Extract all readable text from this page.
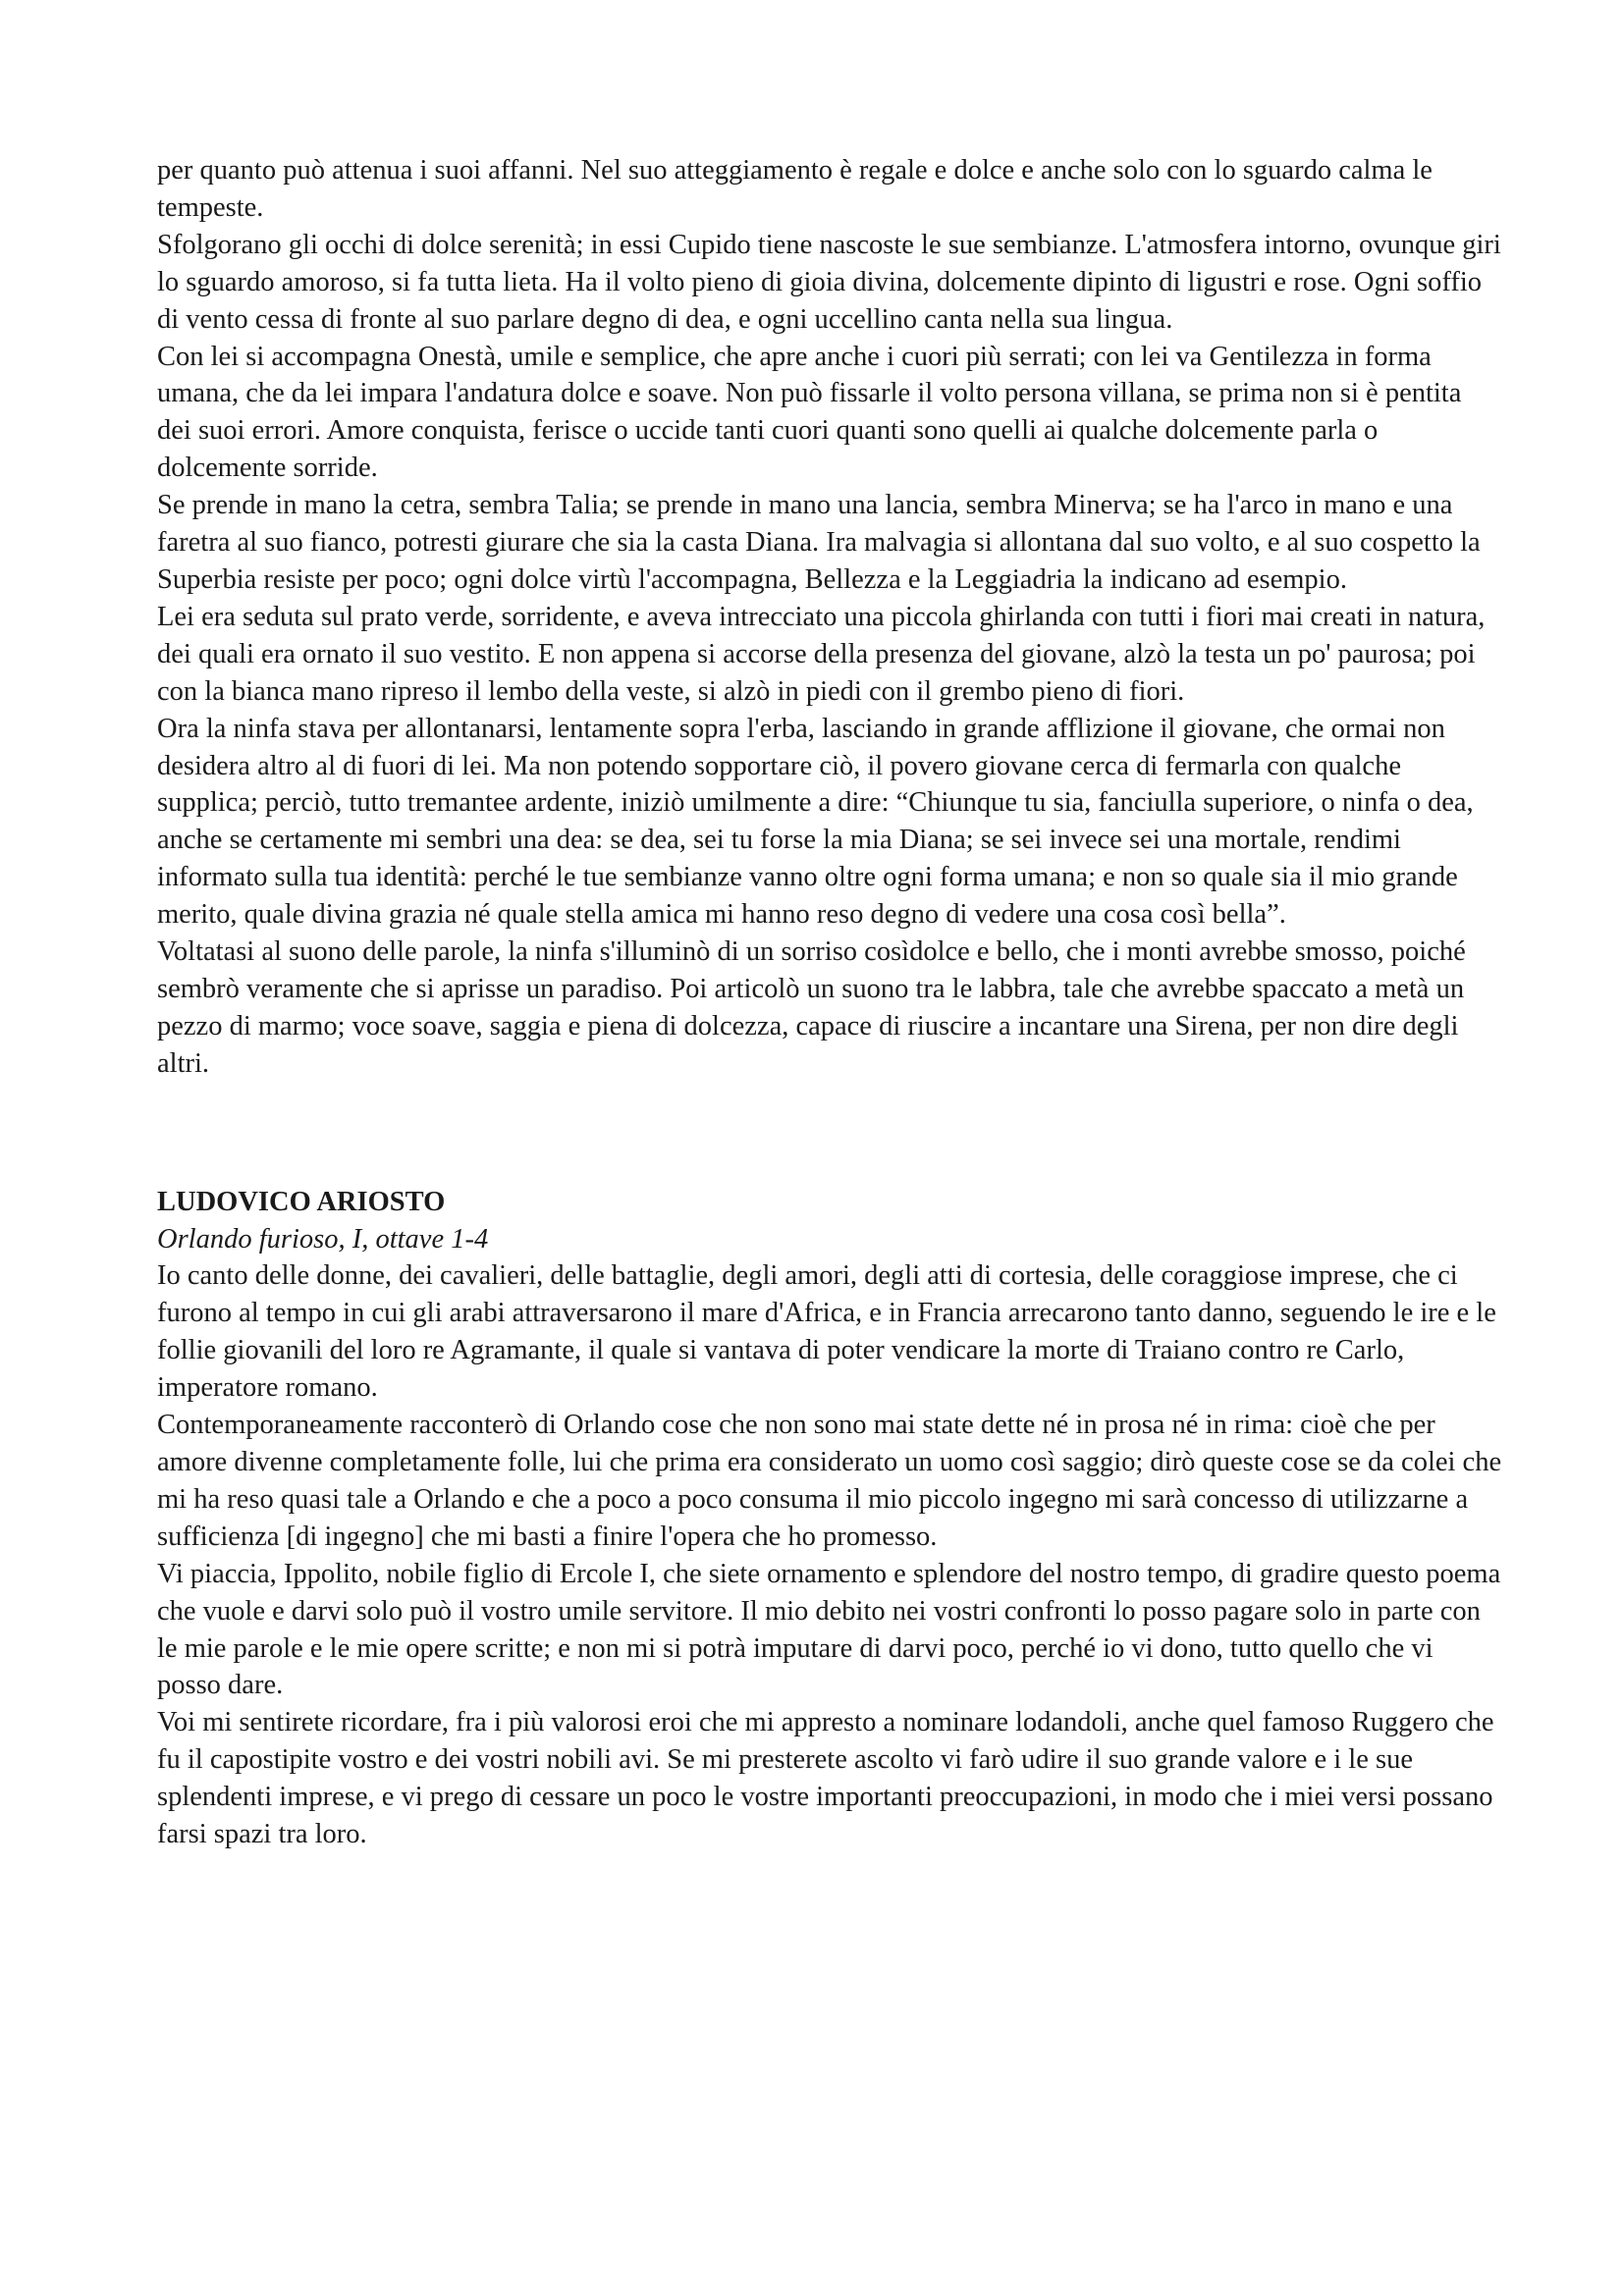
per quanto può attenua i suoi affanni. Nel suo atteggiamento è regale e dolce e anche solo con lo sguardo calma le tempeste.

Sfolgorano gli occhi di dolce serenità; in essi Cupido tiene nascoste le sue sembianze. L'atmosfera intorno, ovunque giri lo sguardo amoroso, si fa tutta lieta. Ha il volto pieno di gioia divina, dolcemente dipinto di ligustri e rose. Ogni soffio di vento cessa di fronte al suo parlare degno di dea, e ogni uccellino canta nella sua lingua.

Con lei si accompagna Onestà, umile e semplice, che apre anche i cuori più serrati; con lei va Gentilezza in forma umana, che da lei impara l'andatura dolce e soave. Non può fissarle il volto persona villana, se prima non si è pentita dei suoi errori. Amore conquista, ferisce o uccide tanti cuori quanti sono quelli ai qualche dolcemente parla o dolcemente sorride.

Se prende in mano la cetra, sembra Talia; se prende in mano una lancia, sembra Minerva; se ha l'arco in mano e una faretra al suo fianco, potresti giurare che sia la casta Diana. Ira malvagia si allontana dal suo volto, e al suo cospetto la Superbia resiste per poco; ogni dolce virtù l'accompagna, Bellezza e la Leggiadria la indicano ad esempio.

Lei era seduta sul prato verde, sorridente, e aveva intrecciato una piccola ghirlanda con tutti i fiori mai creati in natura, dei quali era ornato il suo vestito. E non appena si accorse della presenza del giovane, alzò la testa un po' paurosa; poi con la bianca mano ripreso il lembo della veste, si alzò in piedi con il grembo pieno di fiori.

Ora la ninfa stava per allontanarsi, lentamente sopra l'erba, lasciando in grande afflizione il giovane, che ormai non desidera altro al di fuori di lei. Ma non potendo sopportare ciò, il povero giovane cerca di fermarla con qualche supplica; perciò, tutto tremantee ardente, iniziò umilmente a dire: “Chiunque tu sia, fanciulla superiore, o ninfa o dea, anche se certamente mi sembri una dea: se dea, sei tu forse la mia Diana; se sei invece sei una mortale, rendimi informato sulla tua identità: perché le tue sembianze vanno oltre ogni forma umana; e non so quale sia il mio grande merito, quale divina grazia né quale stella amica mi hanno reso degno di vedere una cosa così bella”.

Voltatasi al suono delle parole, la ninfa s'illuminò di un sorriso cosìdolce e bello, che i monti avrebbe smosso, poiché sembrò veramente che si aprisse un paradiso. Poi articolò un suono tra le labbra, tale che avrebbe spaccato a metà un pezzo di marmo; voce soave, saggia e piena di dolcezza, capace di riuscire a incantare una Sirena, per non dire degli altri.

LUDOVICO ARIOSTO

Orlando furioso, I, ottave 1-4

Io canto delle donne, dei cavalieri, delle battaglie, degli amori, degli atti di cortesia, delle coraggiose imprese, che ci furono al tempo in cui gli arabi attraversarono il mare d'Africa, e in Francia arrecarono tanto danno, seguendo le ire e le follie giovanili del loro re Agramante, il quale si vantava di poter vendicare la morte di Traiano contro re Carlo, imperatore romano.

Contemporaneamente racconterò di Orlando cose che non sono mai state dette né in prosa né in rima: cioè che per amore divenne completamente folle, lui che prima era considerato un uomo così saggio; dirò queste cose se da colei che mi ha reso quasi tale a Orlando e che a poco a poco consuma il mio piccolo ingegno mi sarà concesso di utilizzarne a sufficienza [di ingegno] che mi basti a finire l'opera che ho promesso.

Vi piaccia, Ippolito, nobile figlio di Ercole I, che siete ornamento e splendore del nostro tempo, di gradire questo poema che vuole e darvi solo può il vostro umile servitore. Il mio debito nei vostri confronti lo posso pagare solo in parte con le mie parole e le mie opere scritte; e non mi si potrà imputare di darvi poco, perché io vi dono, tutto quello che vi posso dare.

Voi mi sentirete ricordare, fra i più valorosi eroi che mi appresto a nominare lodandoli, anche quel famoso Ruggero che fu il capostipite vostro e dei vostri nobili avi. Se mi presterete ascolto vi farò udire il suo grande valore e i le sue splendenti imprese, e vi prego di cessare un poco le vostre importanti preoccupazioni, in modo che i miei versi possano farsi spazi tra loro.
